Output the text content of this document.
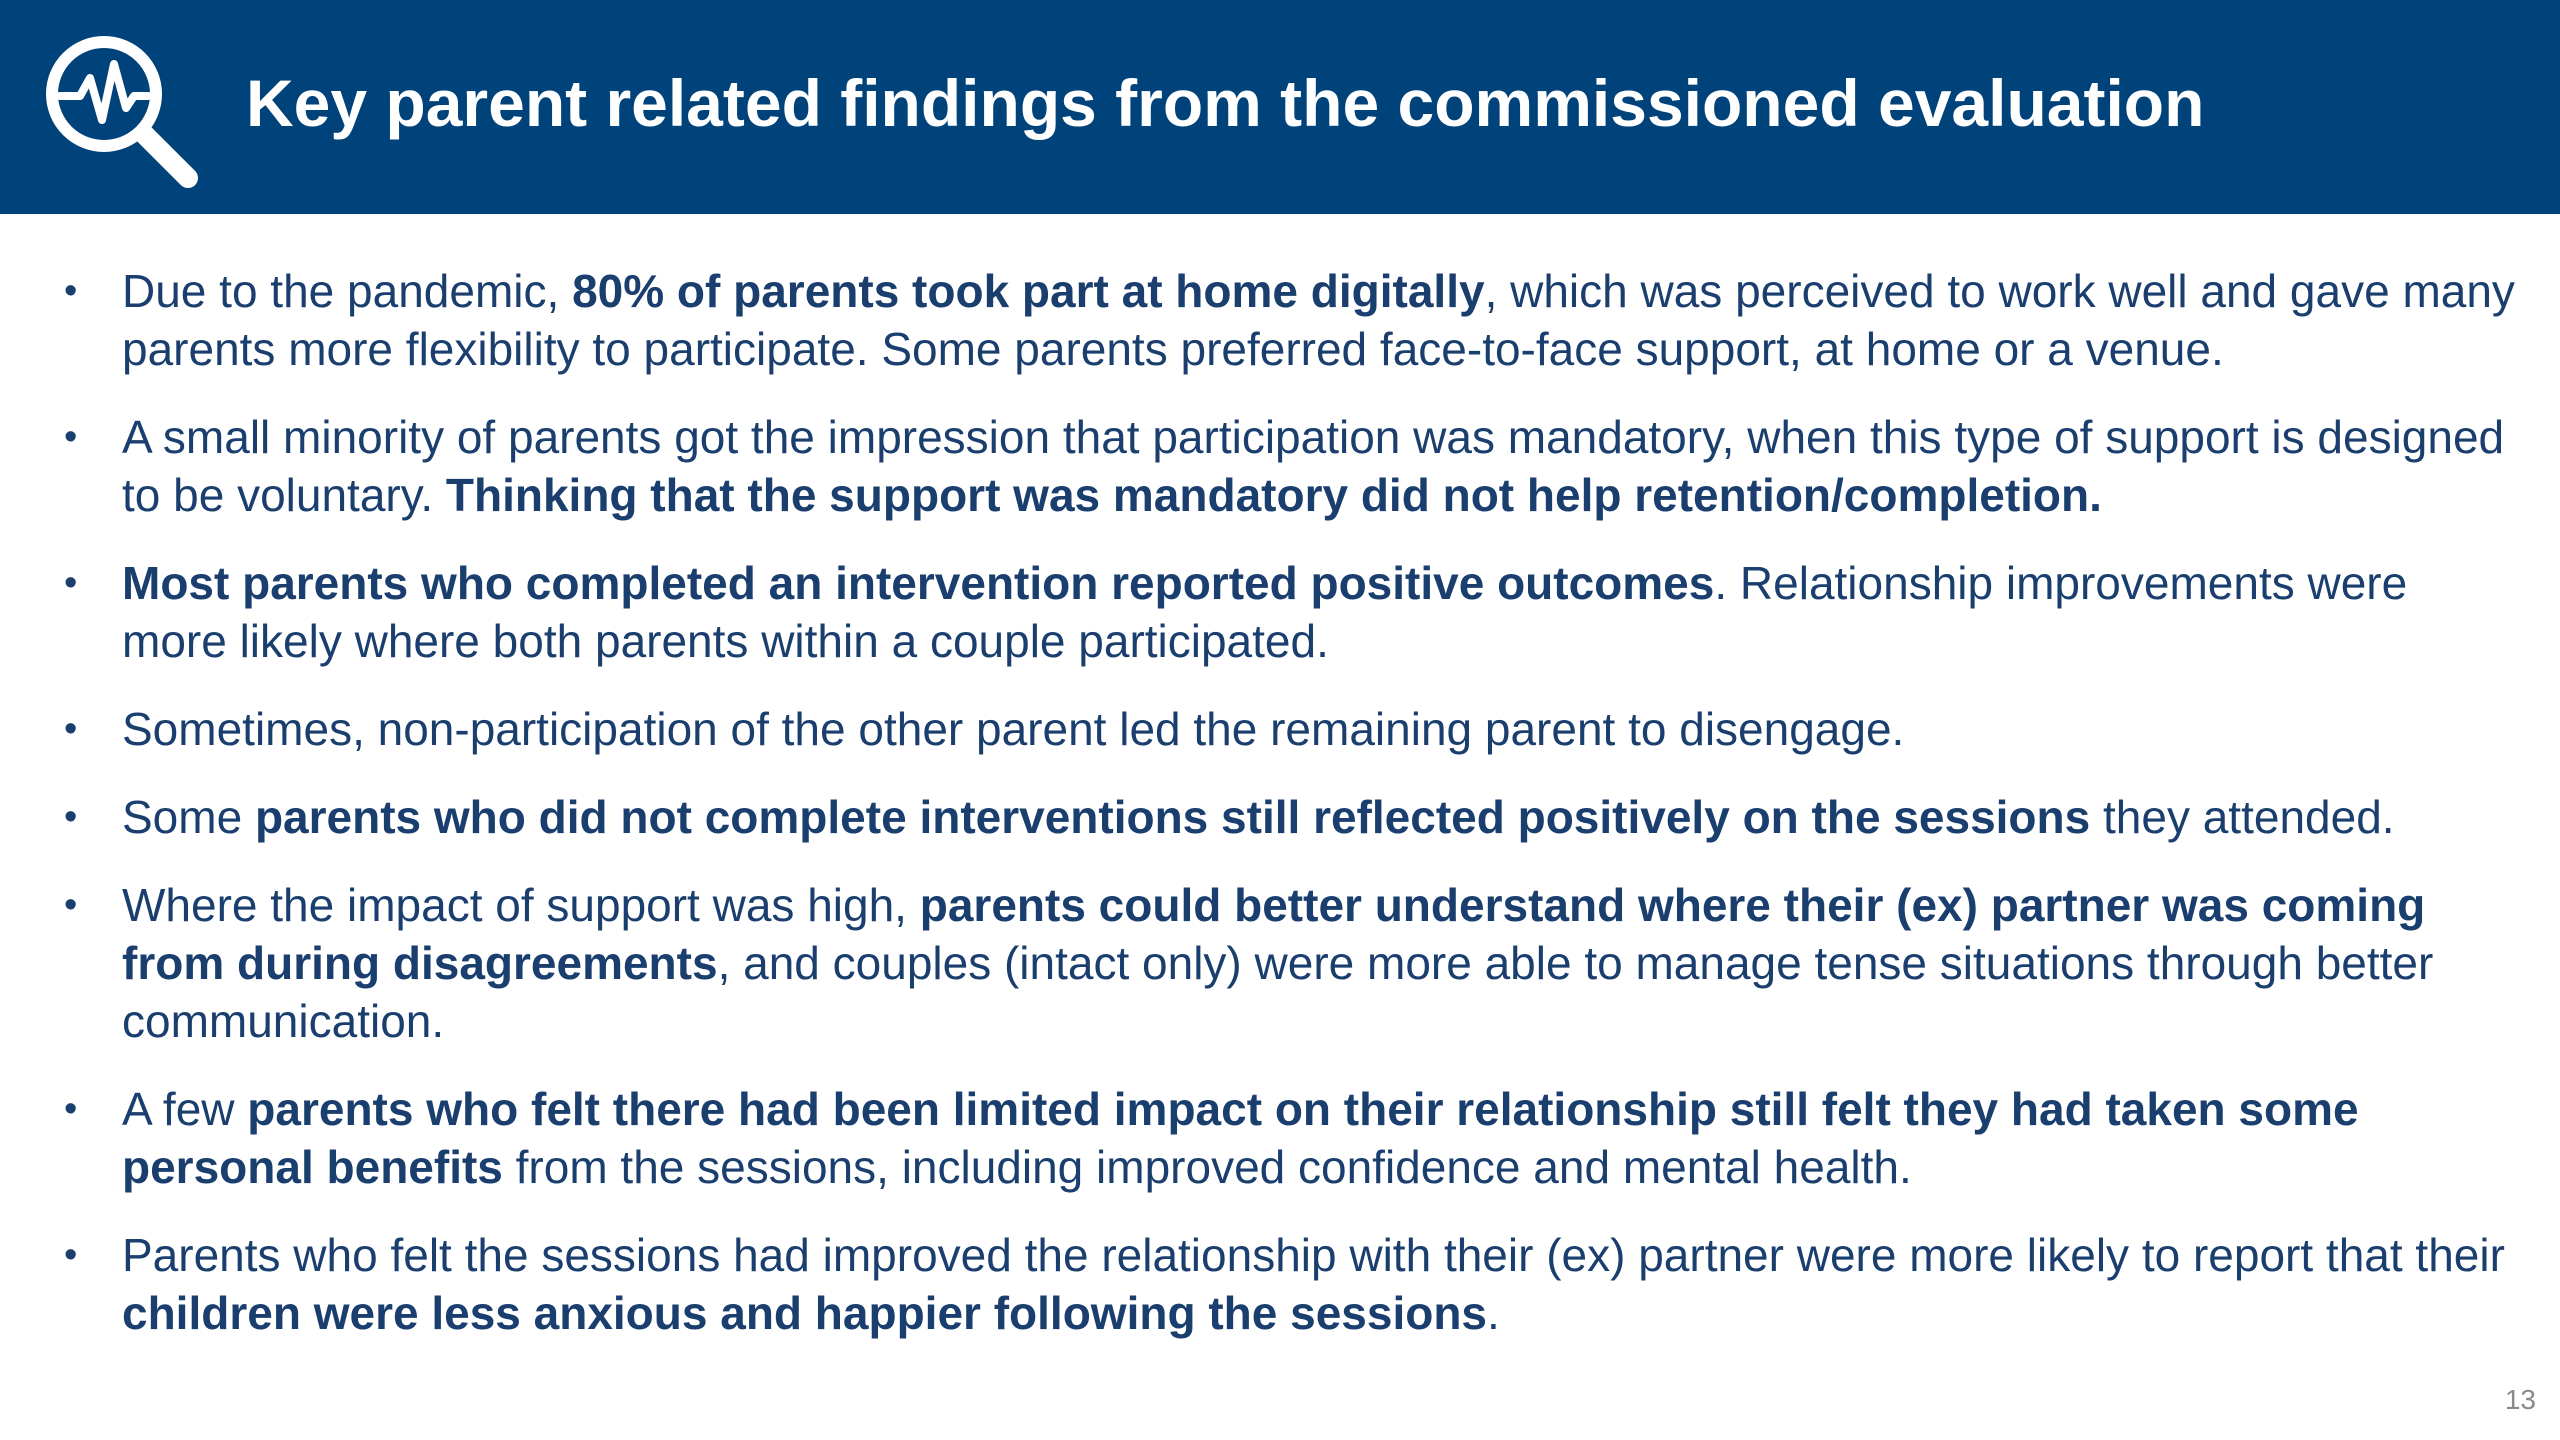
Key parent related findings from the commissioned evaluation
• Due to the pandemic, 80% of parents took part at home digitally, which was perceived to work well and gave many parents more flexibility to participate. Some parents preferred face-to-face support, at home or a venue.
• A small minority of parents got the impression that participation was mandatory, when this type of support is designed to be voluntary. Thinking that the support was mandatory did not help retention/completion.
• Most parents who completed an intervention reported positive outcomes. Relationship improvements were more likely where both parents within a couple participated.
• Sometimes, non-participation of the other parent led the remaining parent to disengage.
• Some parents who did not complete interventions still reflected positively on the sessions they attended.
• Where the impact of support was high, parents could better understand where their (ex) partner was coming from during disagreements, and couples (intact only) were more able to manage tense situations through better communication.
• A few parents who felt there had been limited impact on their relationship still felt they had taken some personal benefits from the sessions, including improved confidence and mental health.
• Parents who felt the sessions had improved the relationship with their (ex) partner were more likely to report that their children were less anxious and happier following the sessions.
13
